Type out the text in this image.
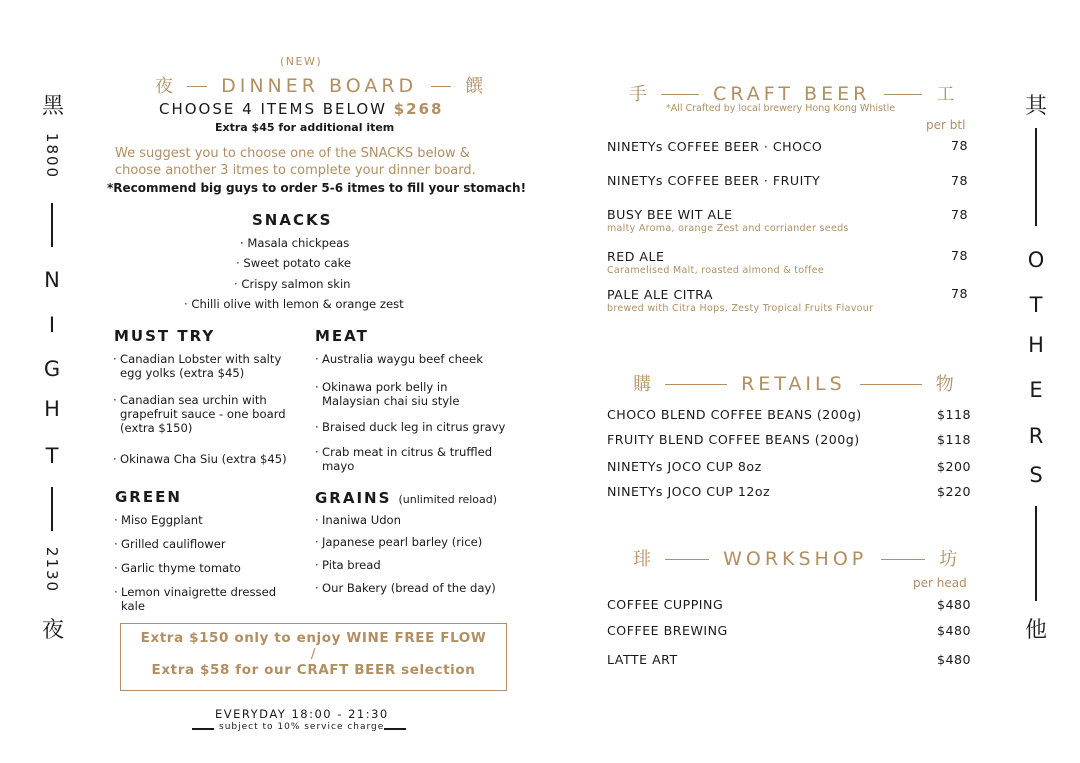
黑
1800
N
I
G
H
T
2130
夜
其
O
T
H
E
R
S
他
(NEW)
夜	DINNER BOARD	饌
CHOOSE 4 ITEMS BELOW $268
Extra $45 for additional item
We suggest you to choose one of the SNACKS below &
choose another 3 itmes to complete your dinner board.
*Recommend big guys to order 5-6 itmes to fill your stomach!
SNACKS
· Masala chickpeas
· Sweet potato cake
· Crispy salmon skin
· Chilli olive with lemon & orange zest
MUST TRY
· Canadian Lobster with salty egg yolks (extra $45)
· Canadian sea urchin with grapefruit sauce - one board (extra $150)
· Okinawa Cha Siu (extra $45)
MEAT
· Australia waygu beef cheek
· Okinawa pork belly in Malaysian chai siu style
· Braised duck leg in citrus gravy
· Crab meat in citrus & truffled mayo
GREEN
· Miso Eggplant
· Grilled cauliflower
· Garlic thyme tomato
· Lemon vinaigrette dressed kale
GRAINS (unlimited reload)
· Inaniwa Udon
· Japanese pearl barley (rice)
· Pita bread
· Our Bakery (bread of the day)
Extra $150 only to enjoy WINE FREE FLOW
/
Extra $58 for our CRAFT BEER selection
EVERYDAY 18:00 - 21:30
subject to 10% service charge
手	CRAFT BEER	工
*All Crafted by local brewery Hong Kong Whistle
per btl
NINETYs COFFEE BEER · CHOCO	78
NINETYs COFFEE BEER · FRUITY	78
BUSY BEE WIT ALE	78
malty Aroma, orange Zest and corriander seeds
RED ALE	78
Caramelised Malt, roasted almond & toffee
PALE ALE CITRA	78
brewed with Citra Hops, Zesty Tropical Fruits Flavour
購	RETAILS	物
CHOCO BLEND COFFEE BEANS (200g)	$118
FRUITY BLEND COFFEE BEANS (200g)	$118
NINETYs JOCO CUP 8oz	$200
NINETYs JOCO CUP 12oz	$220
琲	WORKSHOP	坊
per head
COFFEE CUPPING	$480
COFFEE BREWING	$480
LATTE ART	$480
